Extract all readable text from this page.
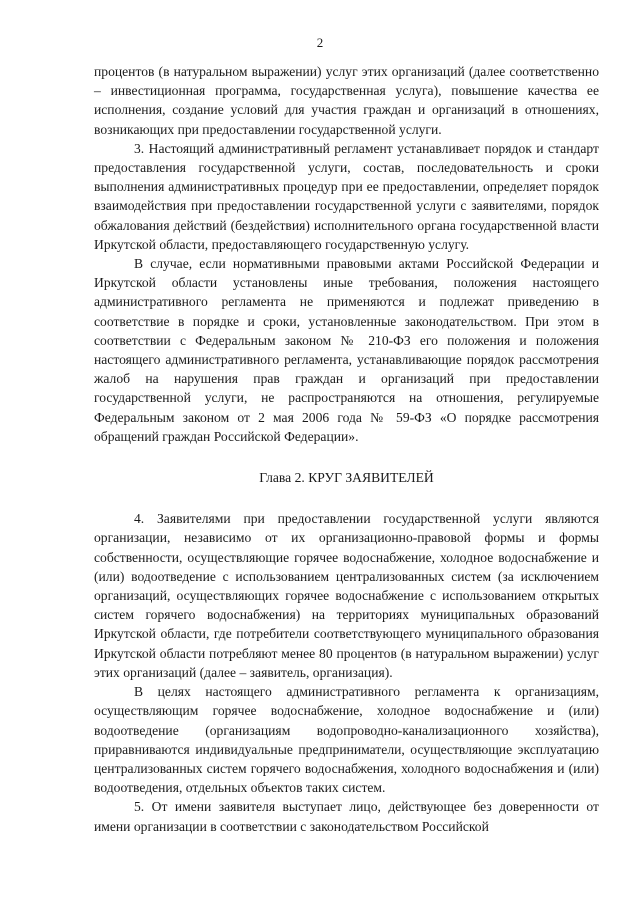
2

процентов (в натуральном выражении) услуг этих организаций (далее соответственно – инвестиционная программа, государственная услуга), повышение качества ее исполнения, создание условий для участия граждан и организаций в отношениях, возникающих при предоставлении государственной услуги.

3. Настоящий административный регламент устанавливает порядок и стандарт предоставления государственной услуги, состав, последовательность и сроки выполнения административных процедур при ее предоставлении, определяет порядок взаимодействия при предоставлении государственной услуги с заявителями, порядок обжалования действий (бездействия) исполнительного органа государственной власти Иркутской области, предоставляющего государственную услугу.

В случае, если нормативными правовыми актами Российской Федерации и Иркутской области установлены иные требования, положения настоящего административного регламента не применяются и подлежат приведению в соответствие в порядке и сроки, установленные законодательством. При этом в соответствии с Федеральным законом № 210-ФЗ его положения и положения настоящего административного регламента, устанавливающие порядок рассмотрения жалоб на нарушения прав граждан и организаций при предоставлении государственной услуги, не распространяются на отношения, регулируемые Федеральным законом от 2 мая 2006 года № 59-ФЗ «О порядке рассмотрения обращений граждан Российской Федерации».

Глава 2. КРУГ ЗАЯВИТЕЛЕЙ

4. Заявителями при предоставлении государственной услуги являются организации, независимо от их организационно-правовой формы и формы собственности, осуществляющие горячее водоснабжение, холодное водоснабжение и (или) водоотведение с использованием централизованных систем (за исключением организаций, осуществляющих горячее водоснабжение с использованием открытых систем горячего водоснабжения) на территориях муниципальных образований Иркутской области, где потребители соответствующего муниципального образования Иркутской области потребляют менее 80 процентов (в натуральном выражении) услуг этих организаций (далее – заявитель, организация).

В целях настоящего административного регламента к организациям, осуществляющим горячее водоснабжение, холодное водоснабжение и (или) водоотведение (организациям водопроводно-канализационного хозяйства), приравниваются индивидуальные предприниматели, осуществляющие эксплуатацию централизованных систем горячего водоснабжения, холодного водоснабжения и (или) водоотведения, отдельных объектов таких систем.

5. От имени заявителя выступает лицо, действующее без доверенности от имени организации в соответствии с законодательством Российской
